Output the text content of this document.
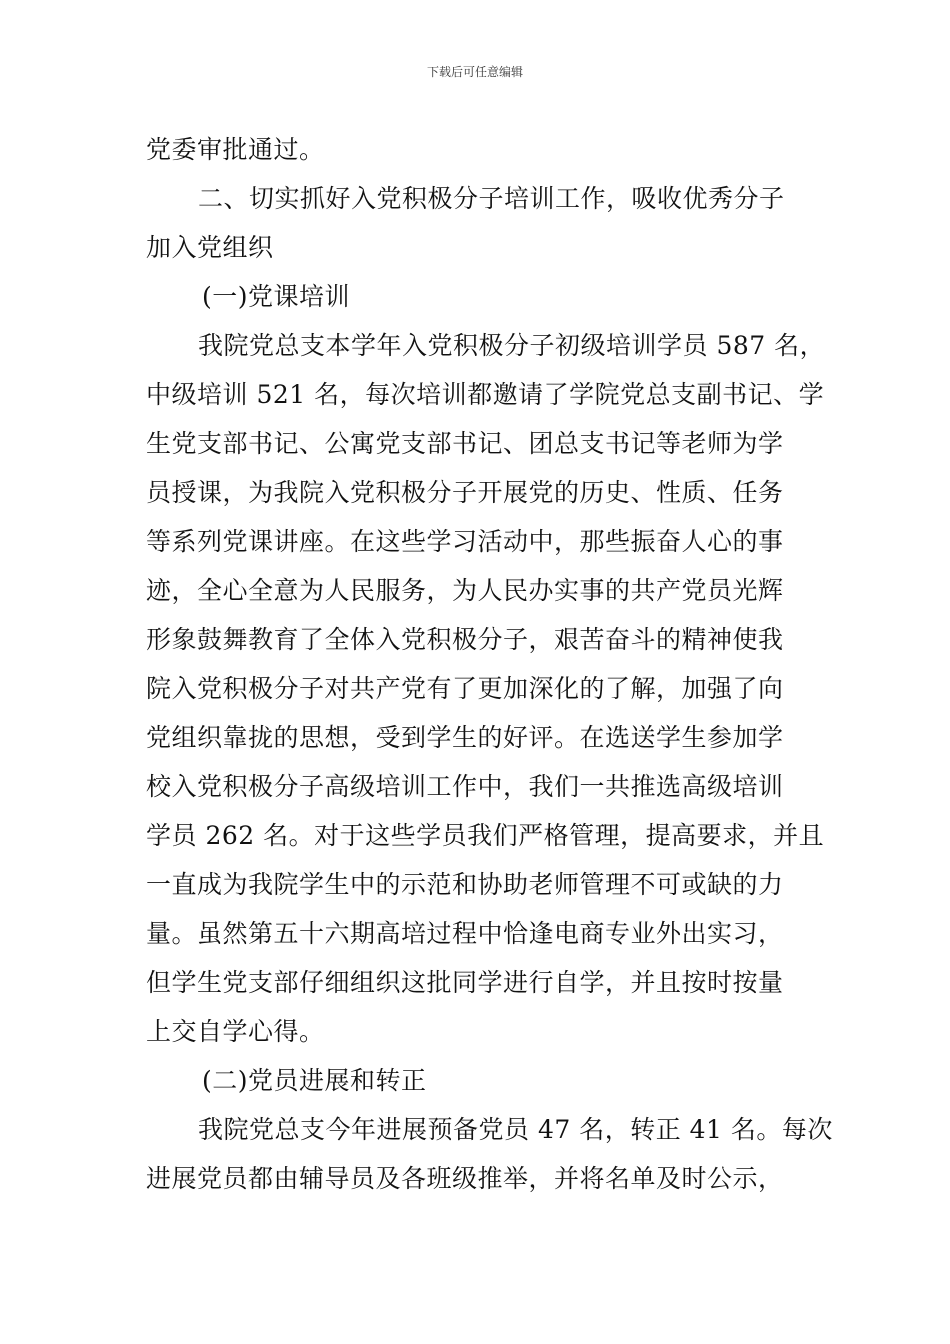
下载后可任意编辑
党委审批通过。
二、切实抓好入党积极分子培训工作，吸收优秀分子
加入党组织
(一)党课培训
我院党总支本学年入党积极分子初级培训学员 587 名，
中级培训 521 名，每次培训都邀请了学院党总支副书记、学
生党支部书记、公寓党支部书记、团总支书记等老师为学
员授课，为我院入党积极分子开展党的历史、性质、任务
等系列党课讲座。在这些学习活动中，那些振奋人心的事
迹，全心全意为人民服务，为人民办实事的共产党员光辉
形象鼓舞教育了全体入党积极分子，艰苦奋斗的精神使我
院入党积极分子对共产党有了更加深化的了解，加强了向
党组织靠拢的思想，受到学生的好评。在选送学生参加学
校入党积极分子高级培训工作中，我们一共推选高级培训
学员 262 名。对于这些学员我们严格管理，提高要求，并且
一直成为我院学生中的示范和协助老师管理不可或缺的力
量。虽然第五十六期高培过程中恰逢电商专业外出实习，
但学生党支部仔细组织这批同学进行自学，并且按时按量
上交自学心得。
(二)党员进展和转正
我院党总支今年进展预备党员 47 名，转正 41 名。每次
进展党员都由辅导员及各班级推举，并将名单及时公示，
